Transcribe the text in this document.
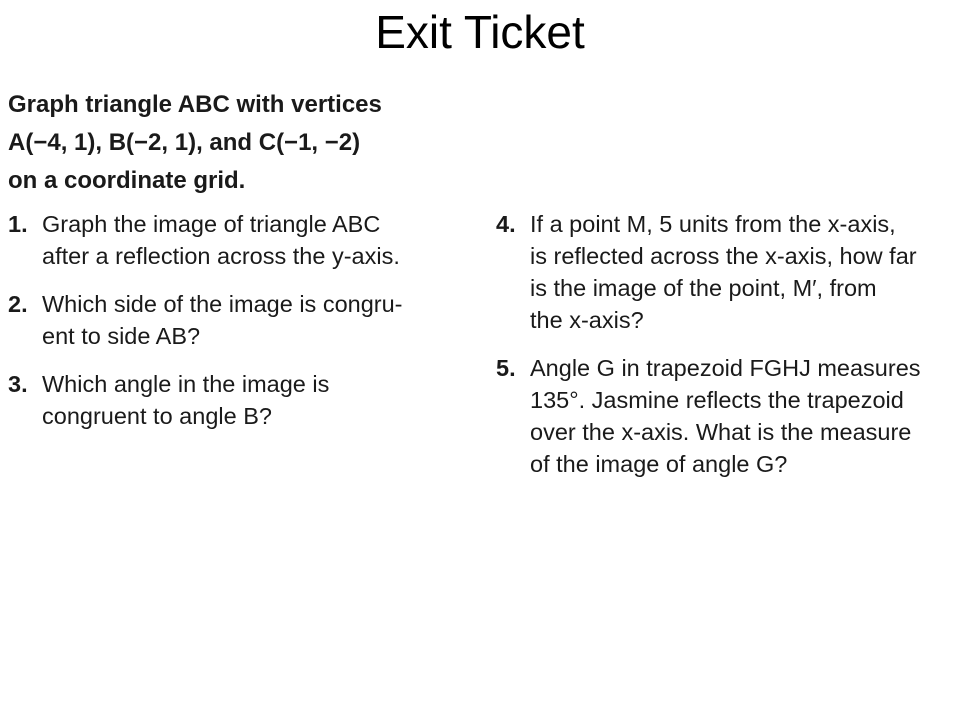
Exit Ticket
Graph triangle ABC with vertices
A(−4, 1), B(−2, 1), and C(−1, −2)
on a coordinate grid.
1. Graph the image of triangle ABC
after a reflection across the y-axis.
2. Which side of the image is congru-
ent to side AB?
3. Which angle in the image is
congruent to angle B?
4. If a point M, 5 units from the x-axis,
is reflected across the x-axis, how far
is the image of the point, M′, from
the x-axis?
5. Angle G in trapezoid FGHJ measures
135°. Jasmine reflects the trapezoid
over the x-axis. What is the measure
of the image of angle G?
